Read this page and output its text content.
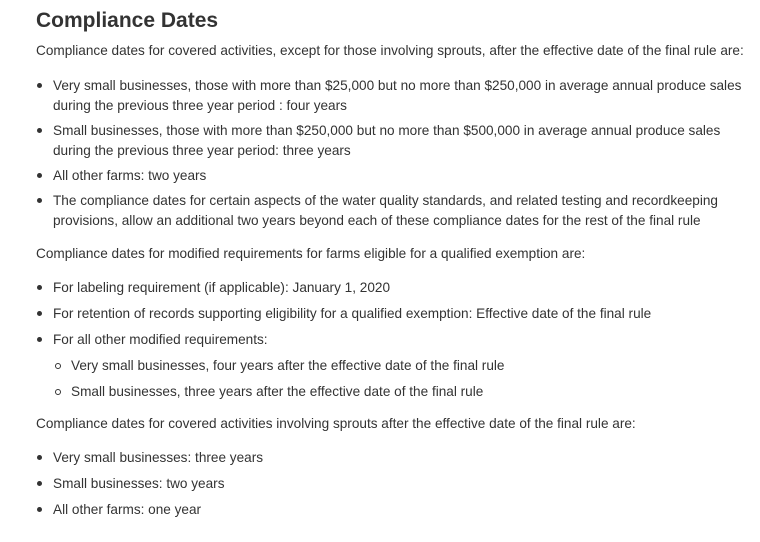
Compliance Dates

Compliance dates for covered activities, except for those involving sprouts, after the effective date of the final rule are:

Very small businesses, those with more than $25,000 but no more than $250,000 in average annual produce sales during the previous three year period : four years
Small businesses, those with more than $250,000 but no more than $500,000 in average annual produce sales during the previous three year period: three years
All other farms: two years
The compliance dates for certain aspects of the water quality standards, and related testing and recordkeeping provisions, allow an additional two years beyond each of these compliance dates for the rest of the final rule

Compliance dates for modified requirements for farms eligible for a qualified exemption are:

For labeling requirement (if applicable): January 1, 2020
For retention of records supporting eligibility for a qualified exemption: Effective date of the final rule
For all other modified requirements:
Very small businesses, four years after the effective date of the final rule
Small businesses, three years after the effective date of the final rule

Compliance dates for covered activities involving sprouts after the effective date of the final rule are:

Very small businesses: three years
Small businesses: two years
All other farms: one year
